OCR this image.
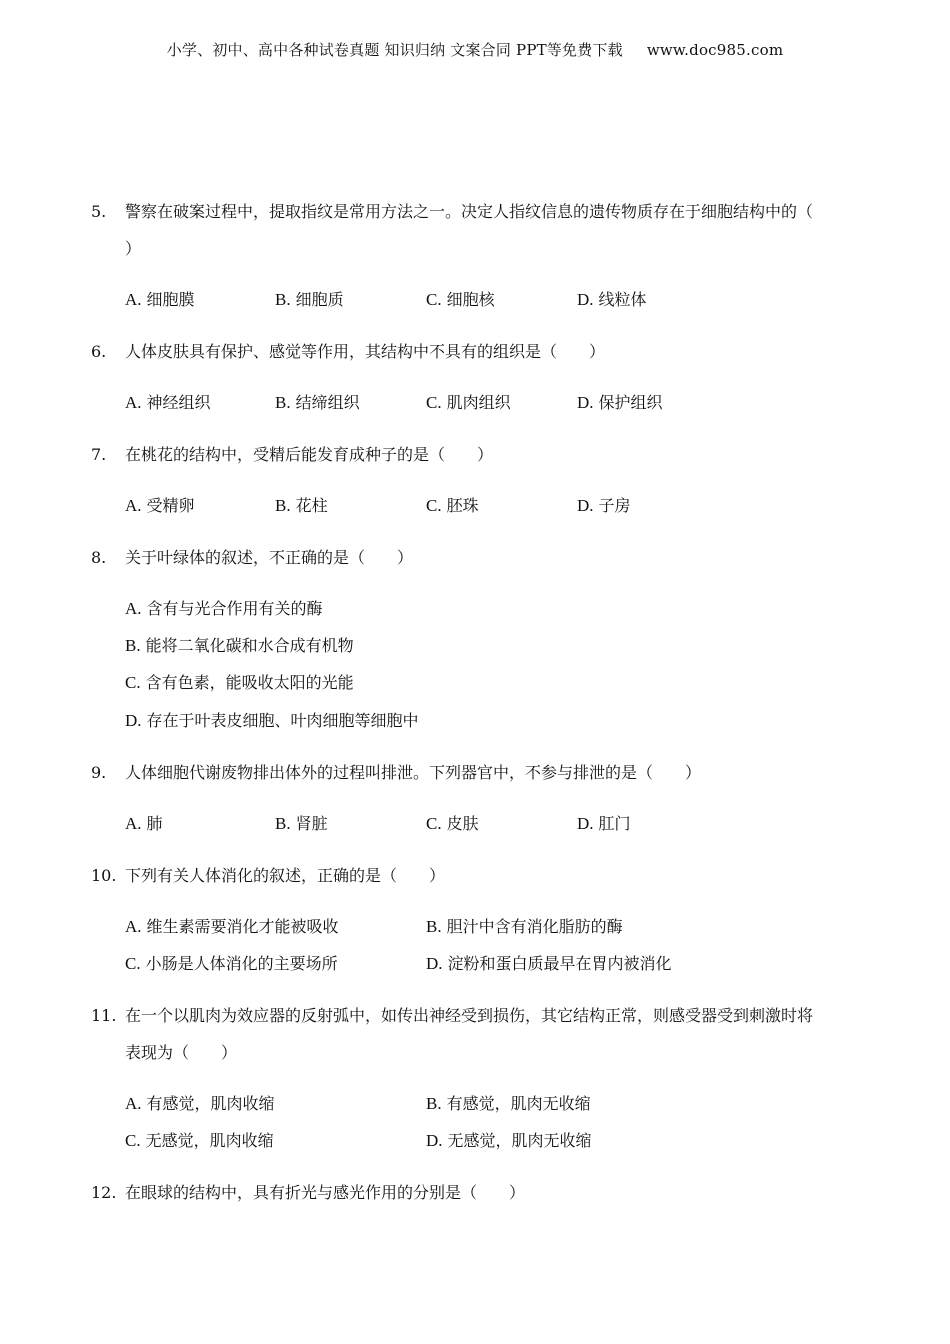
小学、初中、高中各种试卷真题 知识归纳 文案合同 PPT等免费下载 www.doc985.com
5.	警察在破案过程中，提取指纹是常用方法之一。决定人指纹信息的遗传物质存在于细胞结构中的（
）
A. 细胞膜	B. 细胞质	C. 细胞核	D. 线粒体
6.	人体皮肤具有保护、感觉等作用，其结构中不具有的组织是（　　）
A. 神经组织	B. 结缔组织	C. 肌肉组织	D. 保护组织
7.	在桃花的结构中，受精后能发育成种子的是（　　）
A. 受精卵	B. 花柱	C. 胚珠	D. 子房
8.	关于叶绿体的叙述，不正确的是（　　）
A. 含有与光合作用有关的酶
B. 能将二氧化碳和水合成有机物
C. 含有色素，能吸收太阳的光能
D. 存在于叶表皮细胞、叶肉细胞等细胞中
9.	人体细胞代谢废物排出体外的过程叫排泄。下列器官中，不参与排泄的是（　　）
A. 肺	B. 肾脏	C. 皮肤	D. 肛门
10. 下列有关人体消化的叙述，正确的是（　　）
A. 维生素需要消化才能被吸收	B. 胆汁中含有消化脂肪的酶
C. 小肠是人体消化的主要场所	D. 淀粉和蛋白质最早在胃内被消化
11. 在一个以肌肉为效应器的反射弧中，如传出神经受到损伤，其它结构正常，则感受器受到刺激时将
表现为（　　）
A. 有感觉，肌肉收缩	B. 有感觉，肌肉无收缩
C. 无感觉，肌肉收缩	D. 无感觉，肌肉无收缩
12. 在眼球的结构中，具有折光与感光作用的分别是（　　）
